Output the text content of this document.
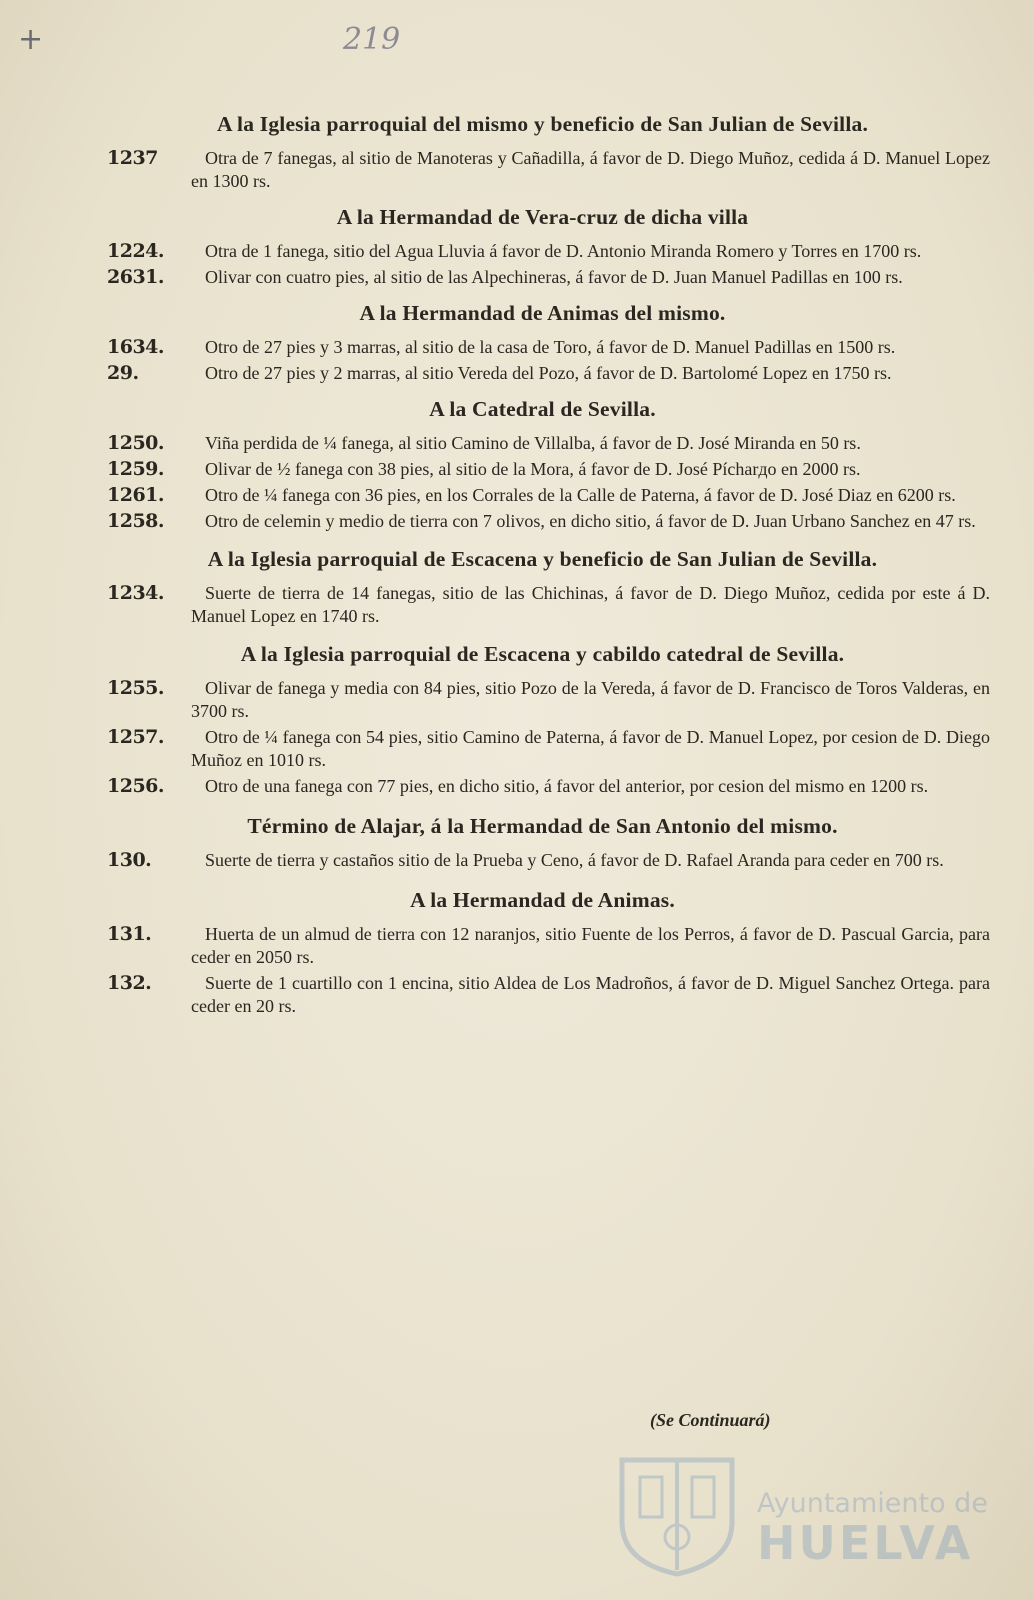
+	219
A la Iglesia parroquial del mismo y beneficio de San Julian de Sevilla.
1237	Otra de 7 fanegas, al sitio de Manoteras y Cañadilla, á favor de D. Diego Muñoz, cedida á D. Manuel Lopez en 1300 rs.
A la Hermandad de Vera-cruz de dicha villa
1224.	Otra de 1 fanega, sitio del Agua Lluvia á favor de D. Antonio Miranda Romero y Torres en 1700 rs.
2631.	Olivar con cuatro pies, al sitio de las Alpechineras, á favor de D. Juan Manuel Padillas en 100 rs.
A la Hermandad de Animas del mismo.
1634.	Otro de 27 pies y 3 marras, al sitio de la casa de Toro, á favor de D. Manuel Padillas en 1500 rs.
29.	Otro de 27 pies y 2 marras, al sitio Vereda del Pozo, á favor de D. Bartolomé Lopez en 1750 rs.
A la Catedral de Sevilla.
1250.	Viña perdida de ¼ fanega, al sitio Camino de Villalba, á favor de D. José Miranda en 50 rs.
1259.	Olivar de ½ fanega con 38 pies, al sitio de la Mora, á favor de D. José Pícharдо en 2000 rs.
1261.	Otro de ¼ fanega con 36 pies, en los Corrales de la Calle de Paterna, á favor de D. José Diaz en 6200 rs.
1258.	Otro de celemin y medio de tierra con 7 olivos, en dicho sitio, á favor de D. Juan Urbano Sanchez en 47 rs.
A la Iglesia parroquial de Escacena y beneficio de San Julian de Sevilla.
1234.	Suerte de tierra de 14 fanegas, sitio de las Chichinas, á favor de D. Diego Muñoz, cedida por este á D. Manuel Lopez en 1740 rs.
A la Iglesia parroquial de Escacena y cabildo catedral de Sevilla.
1255.	Olivar de fanega y media con 84 pies, sitio Pozo de la Vereda, á favor de D. Francisco de Toros Valderas, en 3700 rs.
1257.	Otro de ¼ fanega con 54 pies, sitio Camino de Paterna, á favor de D. Manuel Lopez, por cesion de D. Diego Muñoz en 1010 rs.
1256.	Otro de una fanega con 77 pies, en dicho sitio, á favor del anterior, por cesion del mismo en 1200 rs.
Término de Alajar, á la Hermandad de San Antonio del mismo.
130.	Suerte de tierra y castaños sitio de la Prueba y Ceno, á favor de D. Rafael Aranda para ceder en 700 rs.
A la Hermandad de Animas.
131.	Huerta de un almud de tierra con 12 naranjos, sitio Fuente de los Perros, á favor de D. Pascual Garcia, para ceder en 2050 rs.
132.	Suerte de 1 cuartillo con 1 encina, sitio Aldea de Los Madroños, á favor de D. Miguel Sanchez Ortega. para ceder en 20 rs.
(Se Continuará)
Ayuntamiento de
HUELVA
